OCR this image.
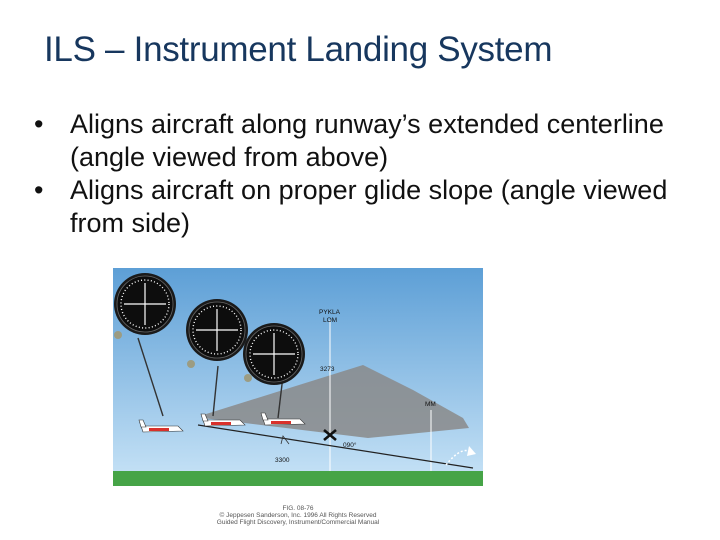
ILS – Instrument Landing System
• Aligns aircraft along runway’s extended centerline (angle viewed from above)
• Aligns aircraft on proper glide slope (angle viewed from side)
PYKLA
LOM
3273
MM
090°
3300
FIG. 08-76
© Jeppesen Sanderson, Inc. 1996 All Rights Reserved
Guided Flight Discovery, Instrument/Commercial Manual
